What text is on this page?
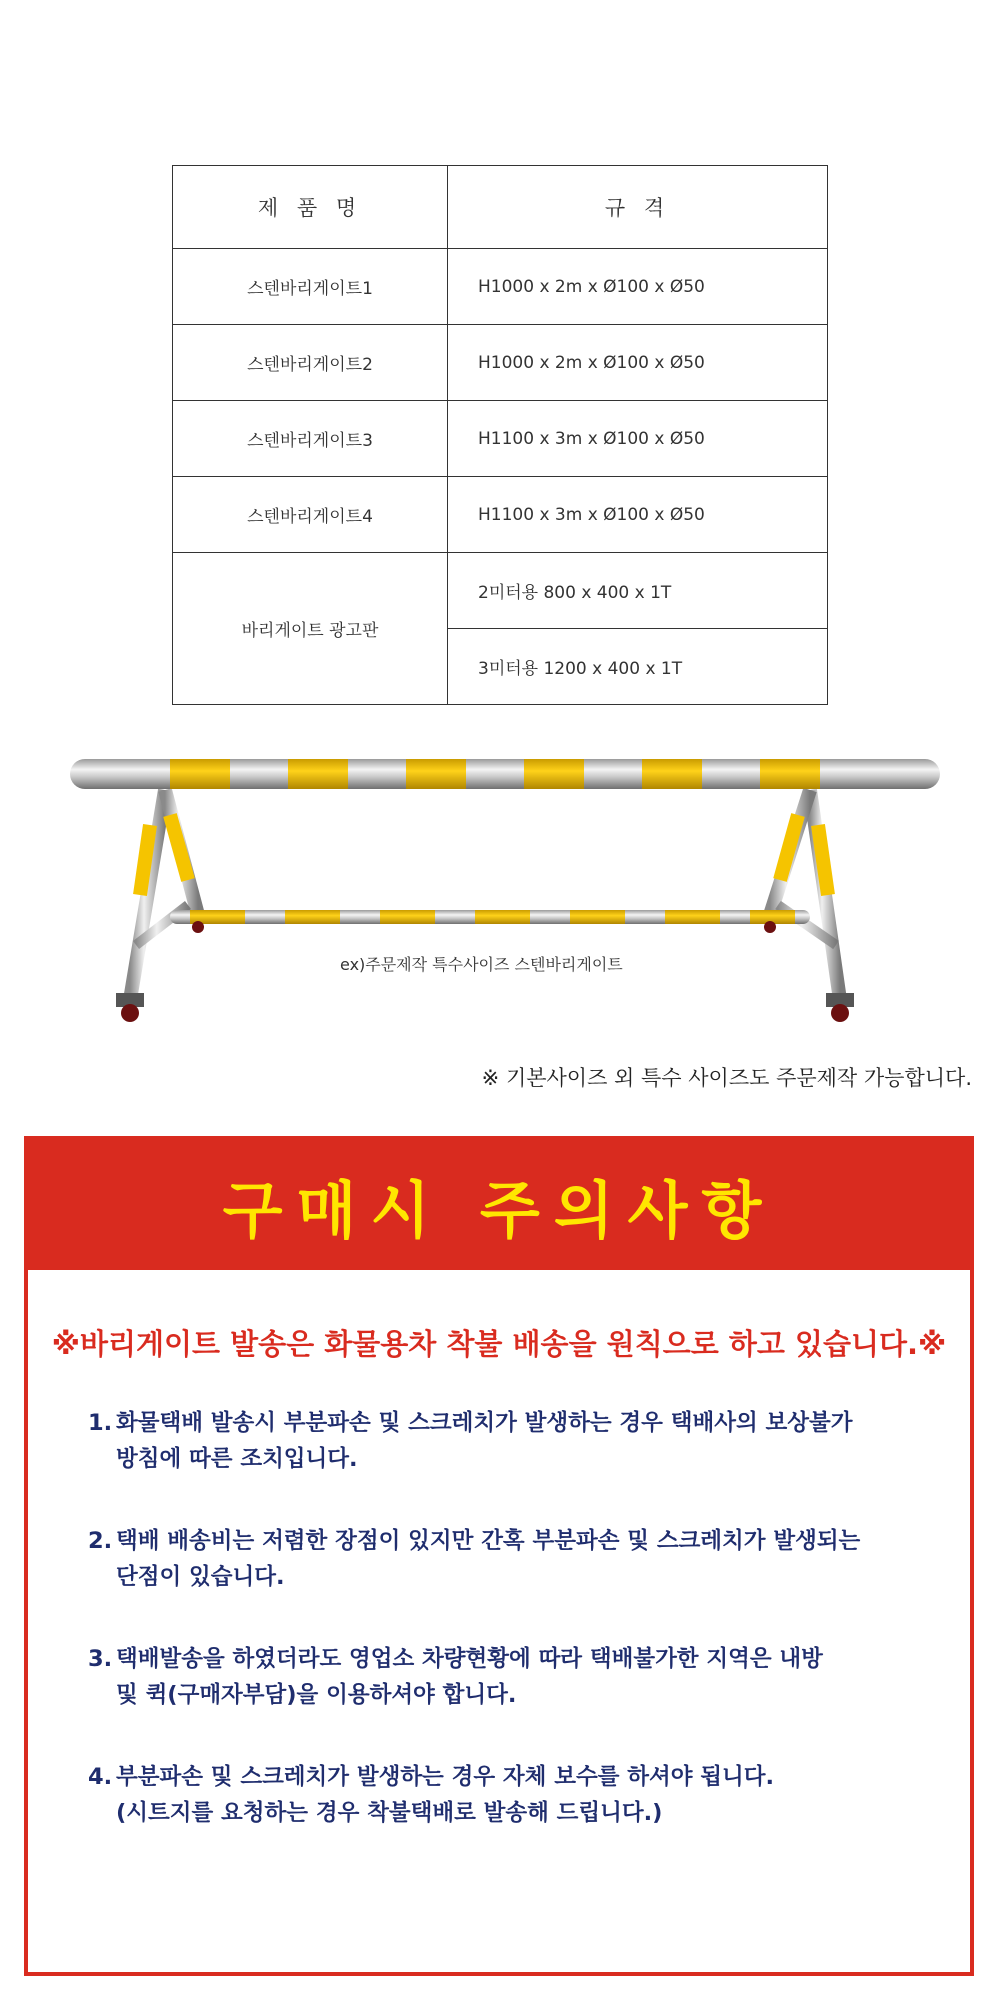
제 품 명	규 격
스텐바리게이트1	H1000 x 2m x Ø100 x Ø50
스텐바리게이트2	H1000 x 2m x Ø100 x Ø50
스텐바리게이트3	H1100 x 3m x Ø100 x Ø50
스텐바리게이트4	H1100 x 3m x Ø100 x Ø50
바리게이트 광고판	2미터용 800 x 400 x 1T
	3미터용 1200 x 400 x 1T
ex)주문제작 특수사이즈 스텐바리게이트
※ 기본사이즈 외 특수 사이즈도 주문제작 가능합니다.
구매시 주의사항
※바리게이트 발송은 화물용차 착불 배송을 원칙으로 하고 있습니다.※
1. 화물택배 발송시 부분파손 및 스크레치가 발생하는 경우 택배사의 보상불가
방침에 따른 조치입니다.
2. 택배 배송비는 저렴한 장점이 있지만 간혹 부분파손 및 스크레치가 발생되는
단점이 있습니다.
3. 택배발송을 하였더라도 영업소 차량현황에 따라 택배불가한 지역은 내방
및 퀵(구매자부담)을 이용하셔야 합니다.
4. 부분파손 및 스크레치가 발생하는 경우 자체 보수를 하셔야 됩니다.
(시트지를 요청하는 경우 착불택배로 발송해 드립니다.)
